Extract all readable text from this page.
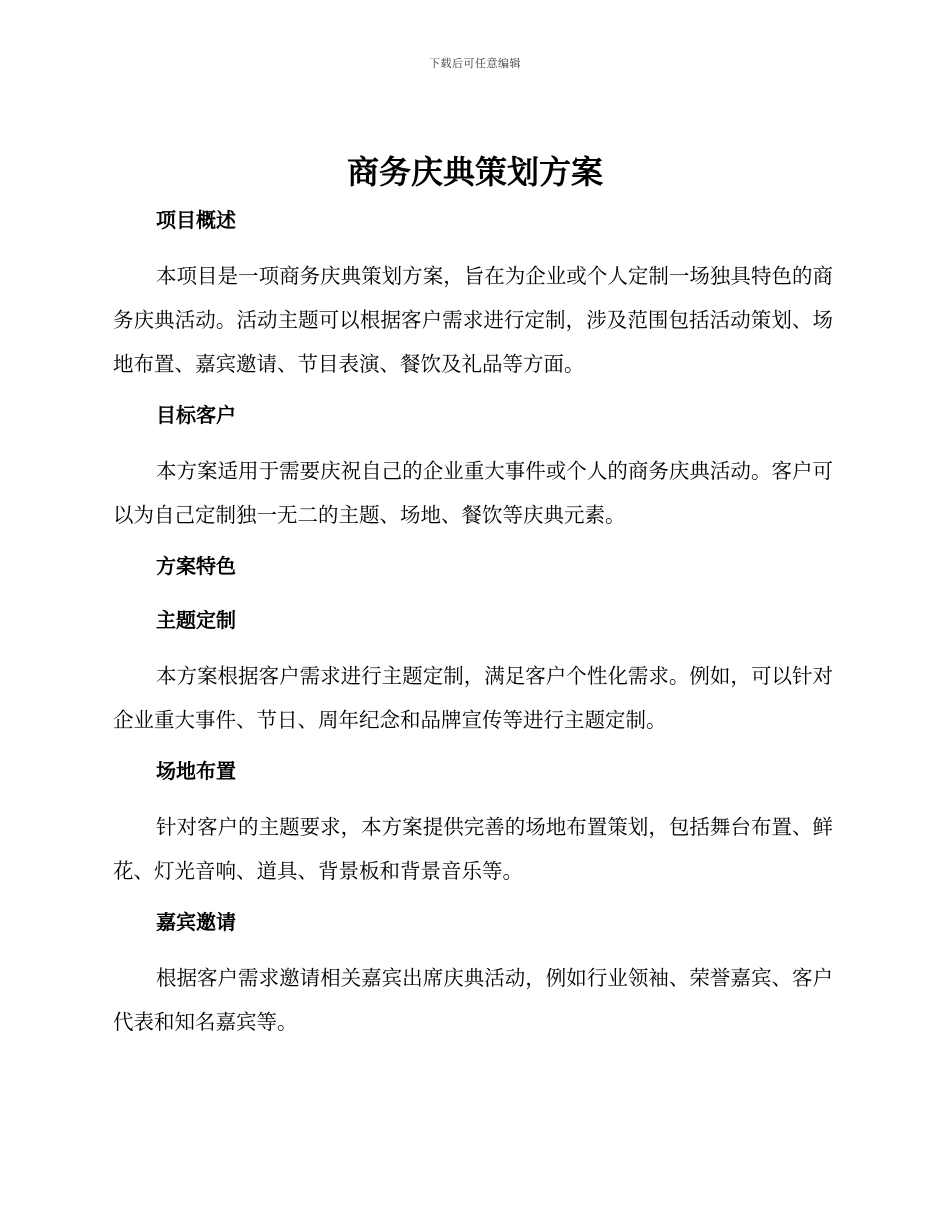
下载后可任意编辑
商务庆典策划方案

项目概述

本项目是一项商务庆典策划方案，旨在为企业或个人定制一场独具特色的商务庆典活动。活动主题可以根据客户需求进行定制，涉及范围包括活动策划、场地布置、嘉宾邀请、节目表演、餐饮及礼品等方面。

目标客户

本方案适用于需要庆祝自己的企业重大事件或个人的商务庆典活动。客户可以为自己定制独一无二的主题、场地、餐饮等庆典元素。

方案特色

主题定制

本方案根据客户需求进行主题定制，满足客户个性化需求。例如，可以针对企业重大事件、节日、周年纪念和品牌宣传等进行主题定制。

场地布置

针对客户的主题要求，本方案提供完善的场地布置策划，包括舞台布置、鲜花、灯光音响、道具、背景板和背景音乐等。

嘉宾邀请

根据客户需求邀请相关嘉宾出席庆典活动，例如行业领袖、荣誉嘉宾、客户代表和知名嘉宾等。
